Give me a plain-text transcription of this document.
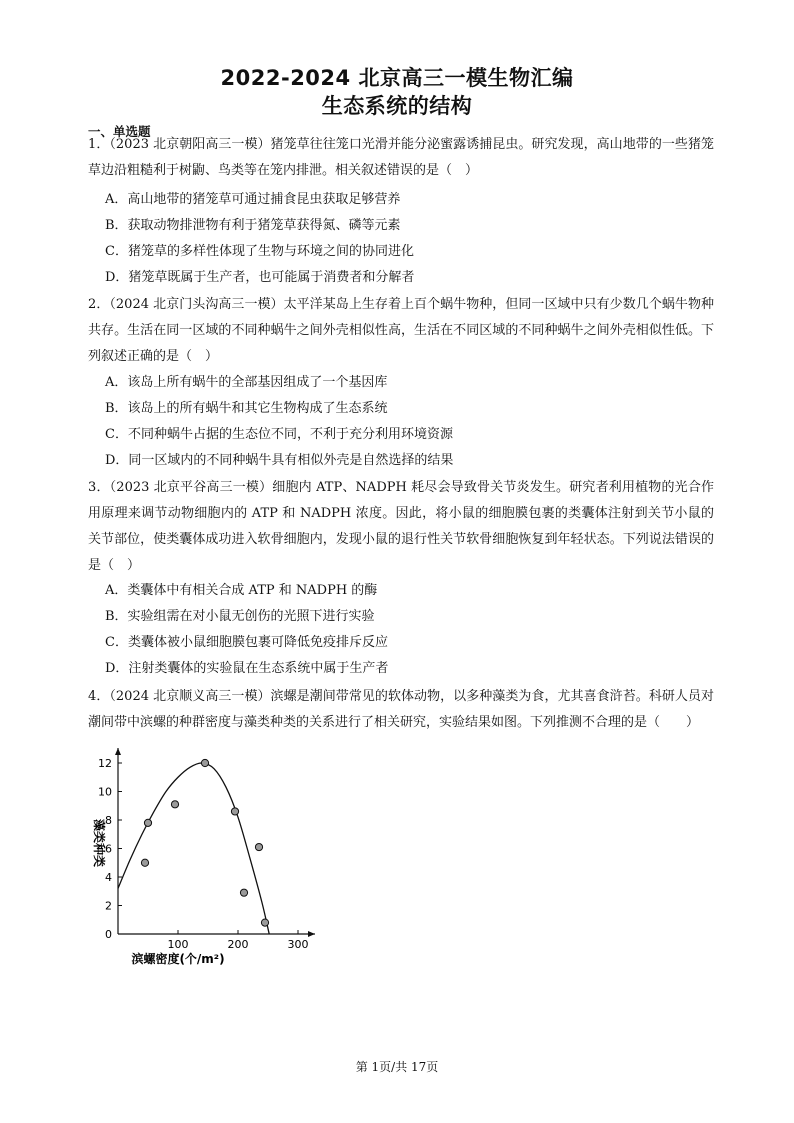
2022-2024 北京高三一模生物汇编
生态系统的结构
一、单选题
1．（2023 北京朝阳高三一模）猪笼草往往笼口光滑并能分泌蜜露诱捕昆虫。研究发现，高山地带的一些猪笼草边沿粗糙利于树鼩、鸟类等在笼内排泄。相关叙述错误的是（　）
A．高山地带的猪笼草可通过捕食昆虫获取足够营养
B．获取动物排泄物有利于猪笼草获得氮、磷等元素
C．猪笼草的多样性体现了生物与环境之间的协同进化
D．猪笼草既属于生产者，也可能属于消费者和分解者
2．（2024 北京门头沟高三一模）太平洋某岛上生存着上百个蜗牛物种，但同一区域中只有少数几个蜗牛物种共存。生活在同一区域的不同种蜗牛之间外壳相似性高，生活在不同区域的不同种蜗牛之间外壳相似性低。下列叙述正确的是（　）
A．该岛上所有蜗牛的全部基因组成了一个基因库
B．该岛上的所有蜗牛和其它生物构成了生态系统
C．不同种蜗牛占据的生态位不同，不利于充分利用环境资源
D．同一区域内的不同种蜗牛具有相似外壳是自然选择的结果
3．（2023 北京平谷高三一模）细胞内 ATP、NADPH 耗尽会导致骨关节炎发生。研究者利用植物的光合作用原理来调节动物细胞内的 ATP 和 NADPH 浓度。因此，将小鼠的细胞膜包裹的类囊体注射到关节小鼠的关节部位，使类囊体成功进入软骨细胞内，发现小鼠的退行性关节软骨细胞恢复到年轻状态。下列说法错误的是（　）
A．类囊体中有相关合成 ATP 和 NADPH 的酶
B．实验组需在对小鼠无创伤的光照下进行实验
C．类囊体被小鼠细胞膜包裹可降低免疫排斥反应
D．注射类囊体的实验鼠在生态系统中属于生产者
4．（2024 北京顺义高三一模）滨螺是潮间带常见的软体动物，以多种藻类为食，尤其喜食浒苔。科研人员对潮间带中滨螺的种群密度与藻类种类的关系进行了相关研究，实验结果如图。下列推测不合理的是（　　）
0
2
4
6
8
10
12
100	200	300
滨螺密度(个/m²)
藻类种类
第 1页/共 17页
